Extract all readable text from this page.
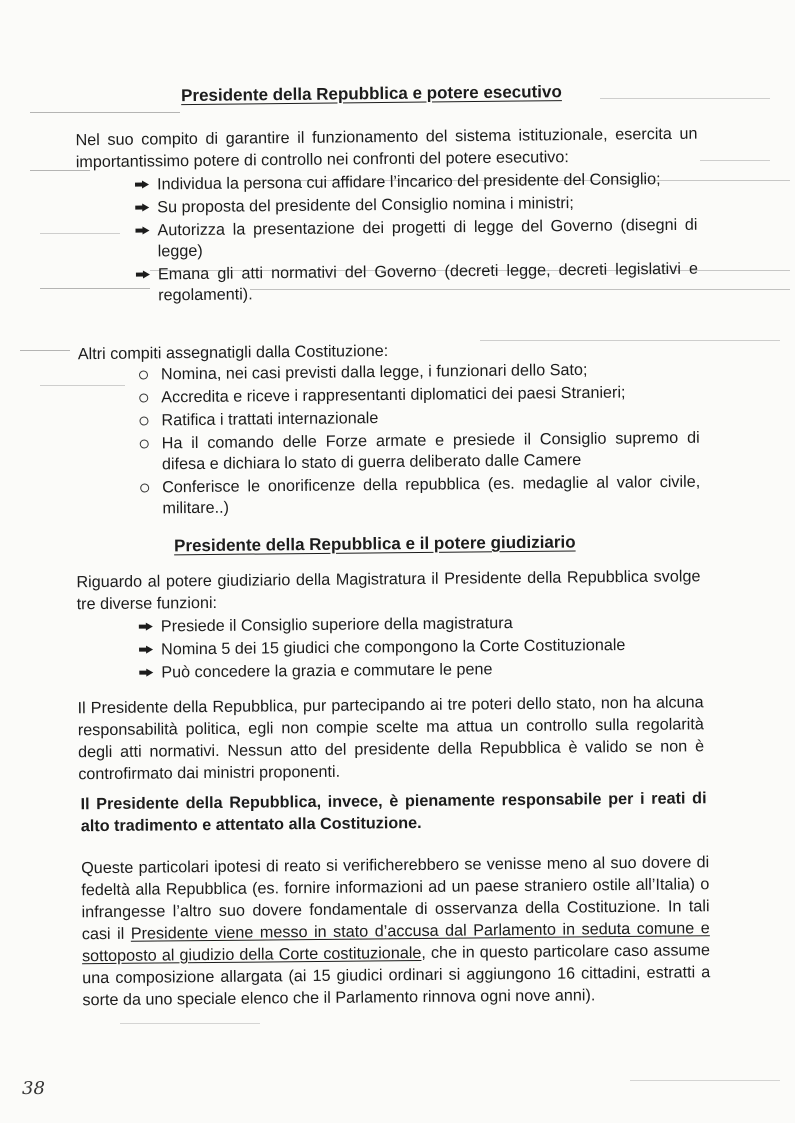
Presidente della Repubblica e potere esecutivo

Nel suo compito di garantire il funzionamento del sistema istituzionale, esercita un importantissimo potere di controllo nei confronti del potere esecutivo:

Individua la persona cui affidare l’incarico del presidente del Consiglio;
Su proposta del presidente del Consiglio nomina i ministri;
Autorizza la presentazione dei progetti di legge del Governo (disegni di legge)
Emana gli atti normativi del Governo (decreti legge, decreti legislativi e regolamenti).

Altri compiti assegnatigli dalla Costituzione:

Nomina, nei casi previsti dalla legge, i funzionari dello Sato;
Accredita e riceve i rappresentanti diplomatici dei paesi Stranieri;
Ratifica i trattati internazionale
Ha il comando delle Forze armate e presiede il Consiglio supremo di difesa e dichiara lo stato di guerra deliberato dalle Camere
Conferisce le onorificenze della repubblica (es. medaglie al valor civile, militare..)
Presidente della Repubblica e il potere giudiziario

Riguardo al potere giudiziario della Magistratura il Presidente della Repubblica svolge tre diverse funzioni:

Presiede il Consiglio superiore della magistratura
Nomina 5 dei 15 giudici che compongono la Corte Costituzionale
Può concedere la grazia e commutare le pene

Il Presidente della Repubblica, pur partecipando ai tre poteri dello stato, non ha alcuna responsabilità politica, egli non compie scelte ma attua un controllo sulla regolarità degli atti normativi. Nessun atto del presidente della Repubblica è valido se non è controfirmato dai ministri proponenti.

Il Presidente della Repubblica, invece, è pienamente responsabile per i reati di alto tradimento e attentato alla Costituzione.

Queste particolari ipotesi di reato si verificherebbero se venisse meno al suo dovere di fedeltà alla Repubblica (es. fornire informazioni ad un paese straniero ostile all’Italia) o infrangesse l’altro suo dovere fondamentale di osservanza della Costituzione. In tali casi il Presidente viene messo in stato d’accusa dal Parlamento in seduta comune e sottoposto al giudizio della Corte costituzionale, che in questo particolare caso assume una composizione allargata (ai 15 giudici ordinari si aggiungono 16 cittadini, estratti a sorte da uno speciale elenco che il Parlamento rinnova ogni nove anni).

38
